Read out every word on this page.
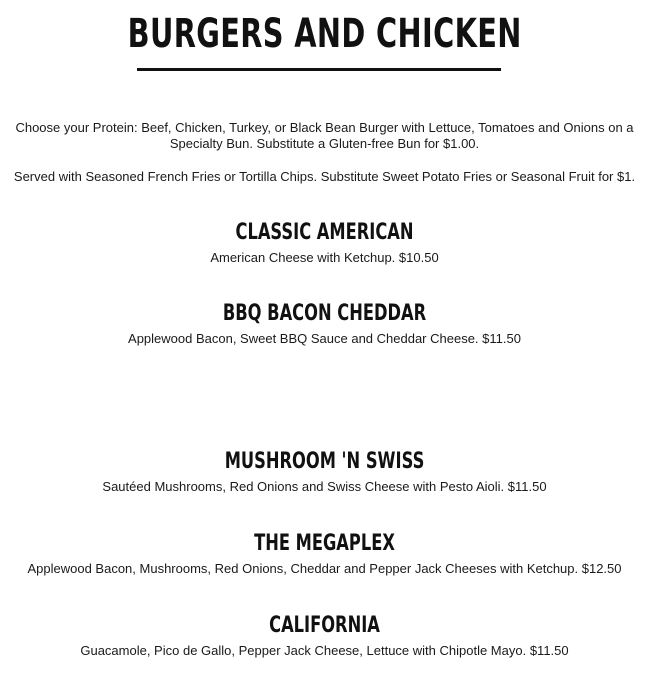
BURGERS AND CHICKEN
Choose your Protein: Beef, Chicken, Turkey, or Black Bean Burger with Lettuce, Tomatoes and Onions on a Specialty Bun. Substitute a Gluten-free Bun for $1.00.
Served with Seasoned French Fries or Tortilla Chips. Substitute Sweet Potato Fries or Seasonal Fruit for $1.
CLASSIC AMERICAN
American Cheese with Ketchup. $10.50
BBQ BACON CHEDDAR
Applewood Bacon, Sweet BBQ Sauce and Cheddar Cheese. $11.50
MUSHROOM 'N SWISS
Sautéed Mushrooms, Red Onions and Swiss Cheese with Pesto Aioli. $11.50
THE MEGAPLEX
Applewood Bacon, Mushrooms, Red Onions, Cheddar and Pepper Jack Cheeses with Ketchup. $12.50
CALIFORNIA
Guacamole, Pico de Gallo, Pepper Jack Cheese, Lettuce with Chipotle Mayo. $11.50
